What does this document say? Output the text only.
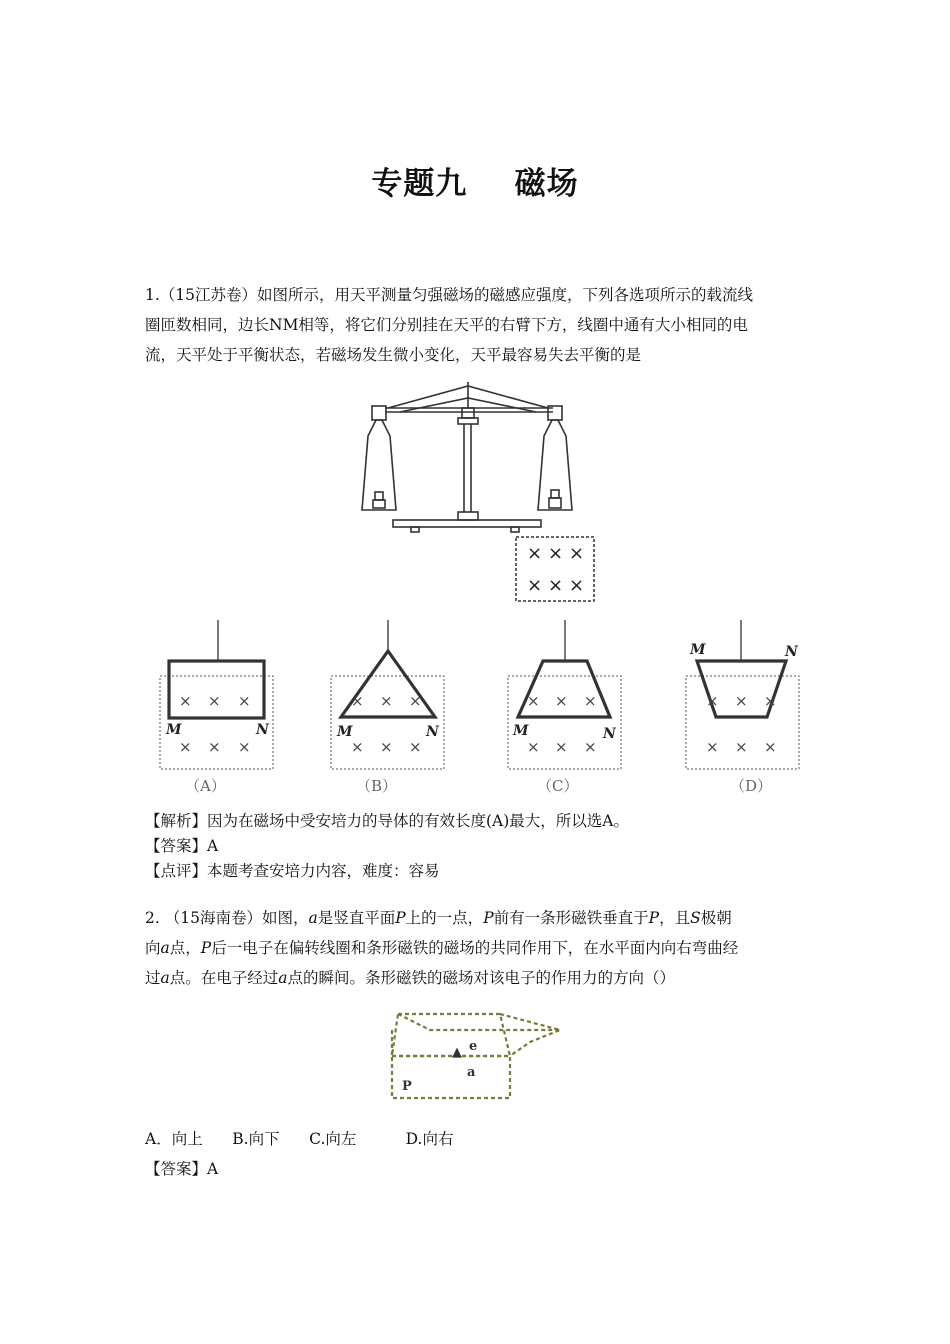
专题九    磁场
1.（15江苏卷）如图所示，用天平测量匀强磁场的磁感应强度，下列各选项所示的载流线
圈匝数相同，边长NM相等，将它们分别挂在天平的右臂下方，线圈中通有大小相同的电
流，天平处于平衡状态，若磁场发生微小变化，天平最容易失去平衡的是
× × ×
× × ×
× × ×
× × ×
× × ×
× × ×
× × ×
× × ×
× × ×
× × ×
M	N	M	N	M	N
M	N
（A）	（B）	（C）	（D）
【解析】因为在磁场中受安培力的导体的有效长度(A)最大，所以选A。
【答案】A
【点评】本题考查安培力内容，难度：容易
2. （15海南卷）如图，a是竖直平面P上的一点，P前有一条形磁铁垂直于P，且S极朝
向a点，P后一电子在偏转线圈和条形磁铁的磁场的共同作用下，在水平面内向右弯曲经
过a点。在电子经过a点的瞬间。条形磁铁的磁场对该电子的作用力的方向（）
▲ e
a
P
A．向上 B.向下 C.向左	D.向右
【答案】A
